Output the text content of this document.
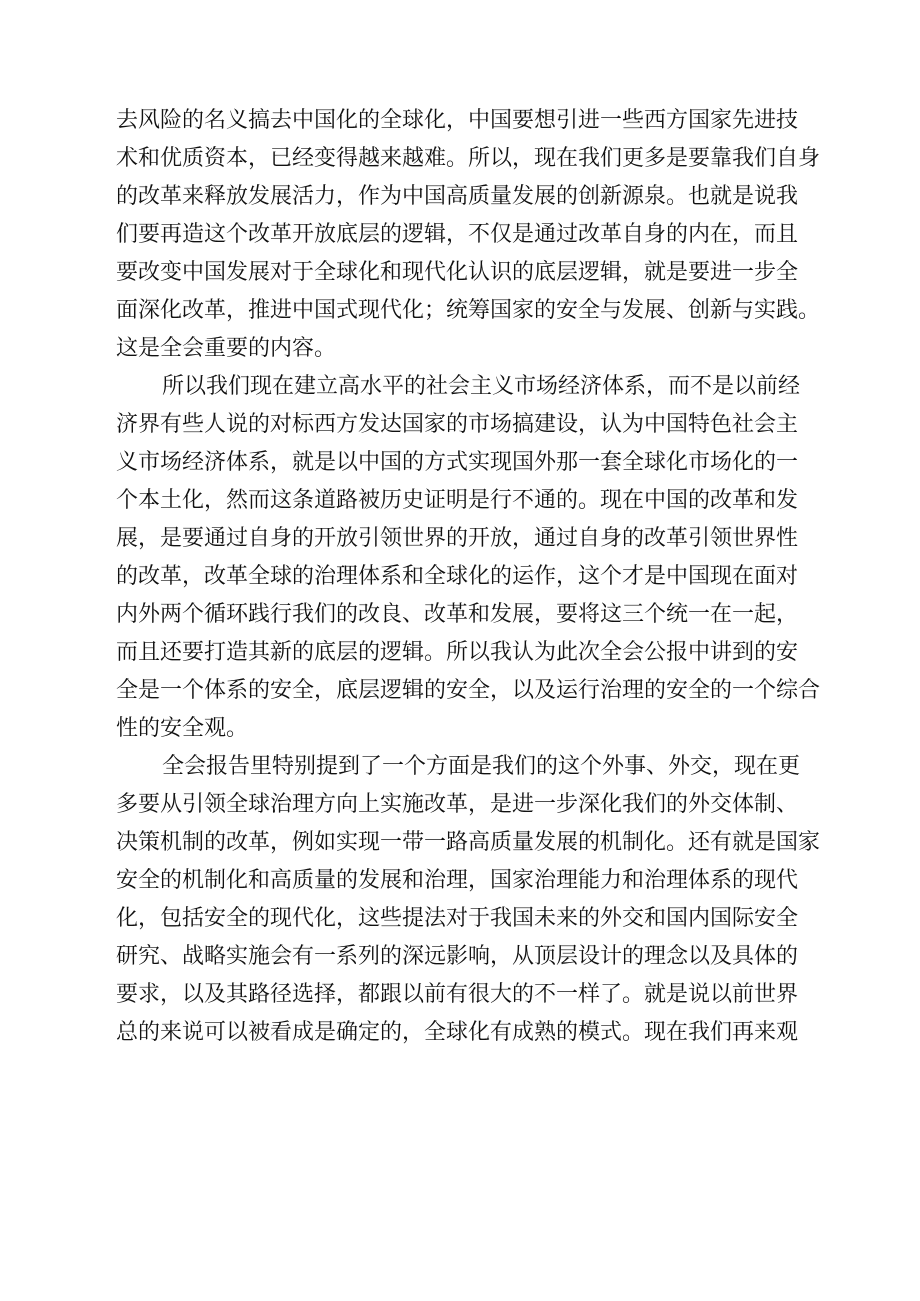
去风险的名义搞去中国化的全球化，中国要想引进一些西方国家先进技
术和优质资本，已经变得越来越难。所以，现在我们更多是要靠我们自身
的改革来释放发展活力，作为中国高质量发展的创新源泉。也就是说我
们要再造这个改革开放底层的逻辑，不仅是通过改革自身的内在，而且
要改变中国发展对于全球化和现代化认识的底层逻辑，就是要进一步全
面深化改革，推进中国式现代化；统筹国家的安全与发展、创新与实践。
这是全会重要的内容。

所以我们现在建立高水平的社会主义市场经济体系，而不是以前经
济界有些人说的对标西方发达国家的市场搞建设，认为中国特色社会主
义市场经济体系，就是以中国的方式实现国外那一套全球化市场化的一
个本土化，然而这条道路被历史证明是行不通的。现在中国的改革和发
展，是要通过自身的开放引领世界的开放，通过自身的改革引领世界性
的改革，改革全球的治理体系和全球化的运作，这个才是中国现在面对
内外两个循环践行我们的改良、改革和发展，要将这三个统一在一起，
而且还要打造其新的底层的逻辑。所以我认为此次全会公报中讲到的安
全是一个体系的安全，底层逻辑的安全，以及运行治理的安全的一个综合
性的安全观。

全会报告里特别提到了一个方面是我们的这个外事、外交，现在更
多要从引领全球治理方向上实施改革，是进一步深化我们的外交体制、
决策机制的改革，例如实现一带一路高质量发展的机制化。还有就是国家
安全的机制化和高质量的发展和治理，国家治理能力和治理体系的现代
化，包括安全的现代化，这些提法对于我国未来的外交和国内国际安全
研究、战略实施会有一系列的深远影响，从顶层设计的理念以及具体的
要求，以及其路径选择，都跟以前有很大的不一样了。就是说以前世界
总的来说可以被看成是确定的，全球化有成熟的模式。现在我们再来观
